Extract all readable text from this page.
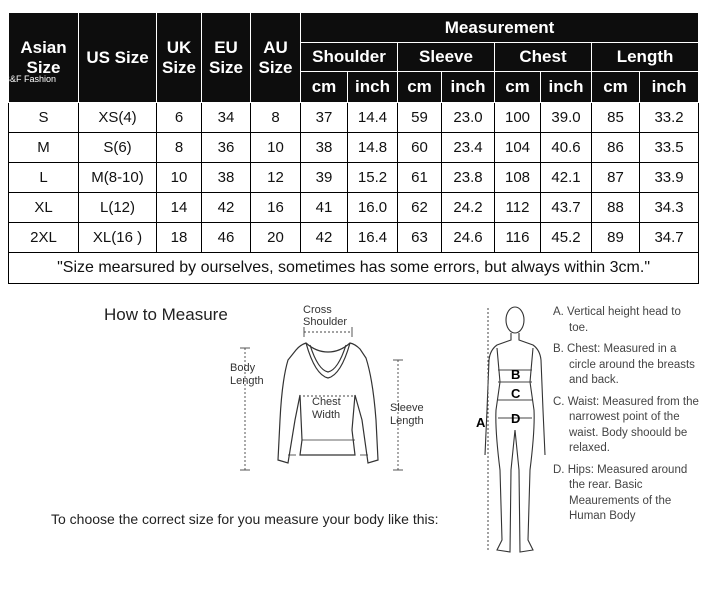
Asian Size	US Size	UK Size	EU Size	AU Size	Measurement							
					Shoulder		Sleeve		Chest		Length	
					cm	inch	cm	inch	cm	inch	cm	inch
S	XS(4)	6	34	8	37	14.4	59	23.0	100	39.0	85	33.2
M	S(6)	8	36	10	38	14.8	60	23.4	104	40.6	86	33.5
L	M(8-10)	10	38	12	39	15.2	61	23.8	108	42.1	87	33.9
XL	L(12)	14	42	16	41	16.0	62	24.2	112	43.7	88	34.3
2XL	XL(16 )	18	46	20	42	16.4	63	24.6	116	45.2	89	34.7
"Size mearsured by ourselves, sometimes has some errors, but always within 3cm."												
B&F Fashion
How to Measure	Cross
Shoulder
Body
Length
Chest
Width
Sleeve
Length
B
C
D
A
To choose the correct size for you measure your body like this:

A. Vertical height head to toe.

B. Chest: Measured in a circle around the breasts and back.

C. Waist: Measured from the narrowest point of the waist. Body shoould be relaxed.

D. Hips: Measured around the rear. Basic Meaurements of the Human Body
